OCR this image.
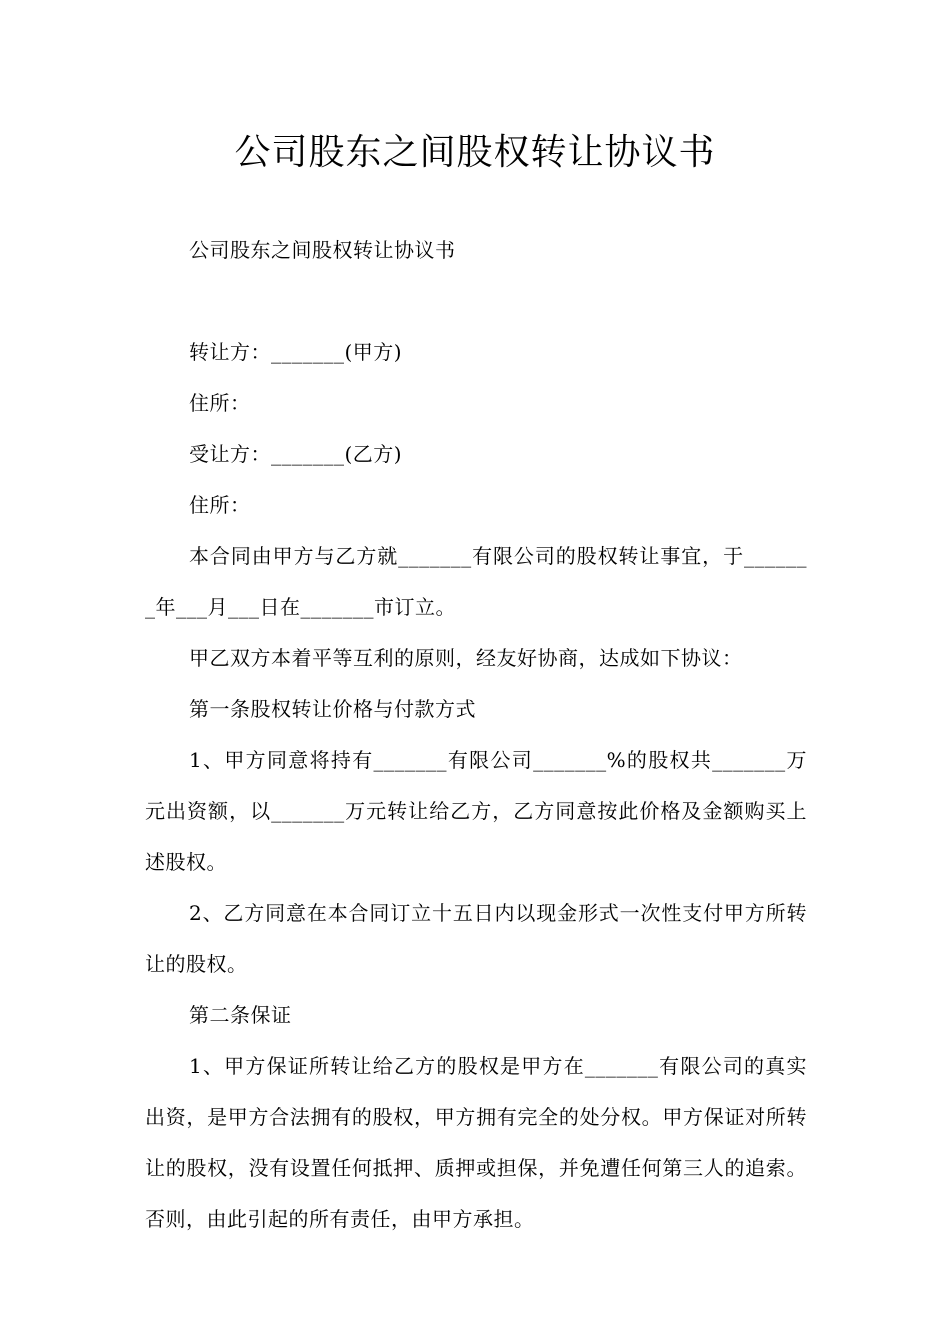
公司股东之间股权转让协议书

公司股东之间股权转让协议书

转让方：_______(甲方)

住所：

受让方：_______(乙方)

住所：

本合同由甲方与乙方就_______有限公司的股权转让事宜，于_______年___月___日在_______市订立。

甲乙双方本着平等互利的原则，经友好协商，达成如下协议：

第一条股权转让价格与付款方式

1、甲方同意将持有_______有限公司_______%的股权共_______万元出资额，以_______万元转让给乙方，乙方同意按此价格及金额购买上述股权。

2、乙方同意在本合同订立十五日内以现金形式一次性支付甲方所转让的股权。

第二条保证

1、甲方保证所转让给乙方的股权是甲方在_______有限公司的真实出资，是甲方合法拥有的股权，甲方拥有完全的处分权。甲方保证对所转让的股权，没有设置任何抵押、质押或担保，并免遭任何第三人的追索。否则，由此引起的所有责任，由甲方承担。
